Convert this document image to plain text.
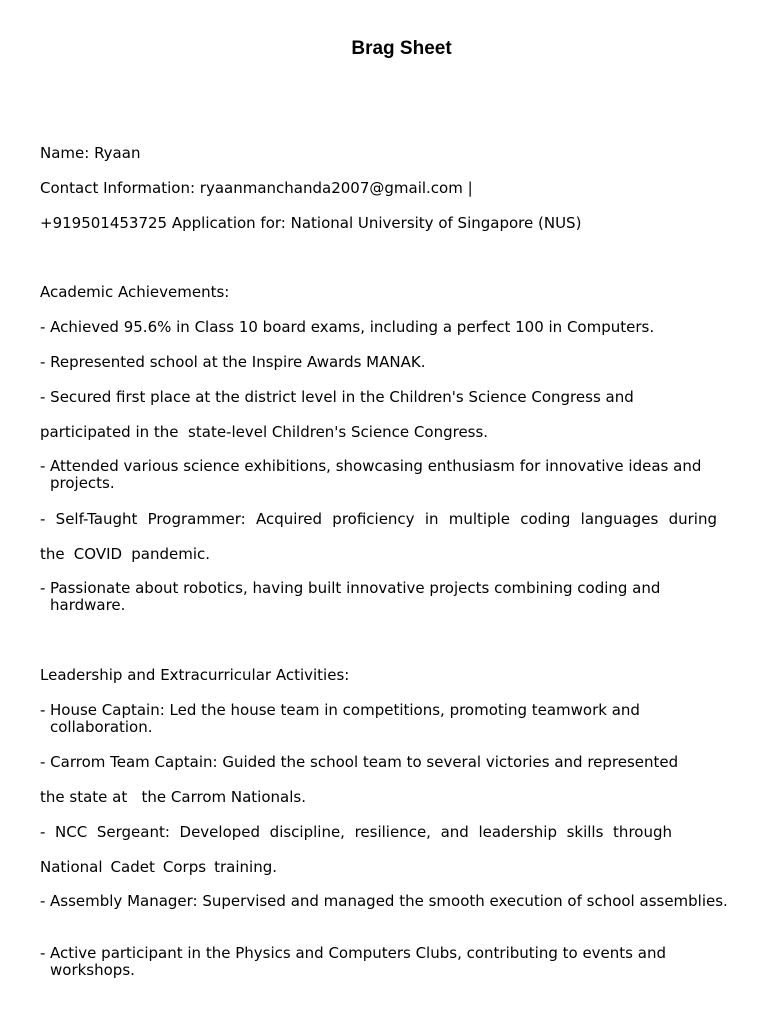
Brag Sheet

Name: Ryaan

Contact Information: ryaanmanchanda2007@gmail.com |

+919501453725 Application for: National University of Singapore (NUS)

Academic Achievements:

- Achieved 95.6% in Class 10 board exams, including a perfect 100 in Computers.

- Represented school at the Inspire Awards MANAK.

- Secured first place at the district level in the Children's Science Congress and

participated in the  state-level Children's Science Congress.

- Attended various science exhibitions, showcasing enthusiasm for innovative ideas and projects.

- Self-Taught Programmer: Acquired proficiency in multiple coding languages during

the COVID pandemic.

- Passionate about robotics, having built innovative projects combining coding and hardware.

Leadership and Extracurricular Activities:

- House Captain: Led the house team in competitions, promoting teamwork and collaboration.

- Carrom Team Captain: Guided the school team to several victories and represented

the state at   the Carrom Nationals.

- NCC Sergeant: Developed discipline, resilience, and leadership skills through

National Cadet Corps training.

- Assembly Manager: Supervised and managed the smooth execution of school assemblies.
- Active participant in the Physics and Computers Clubs, contributing to events and workshops.
